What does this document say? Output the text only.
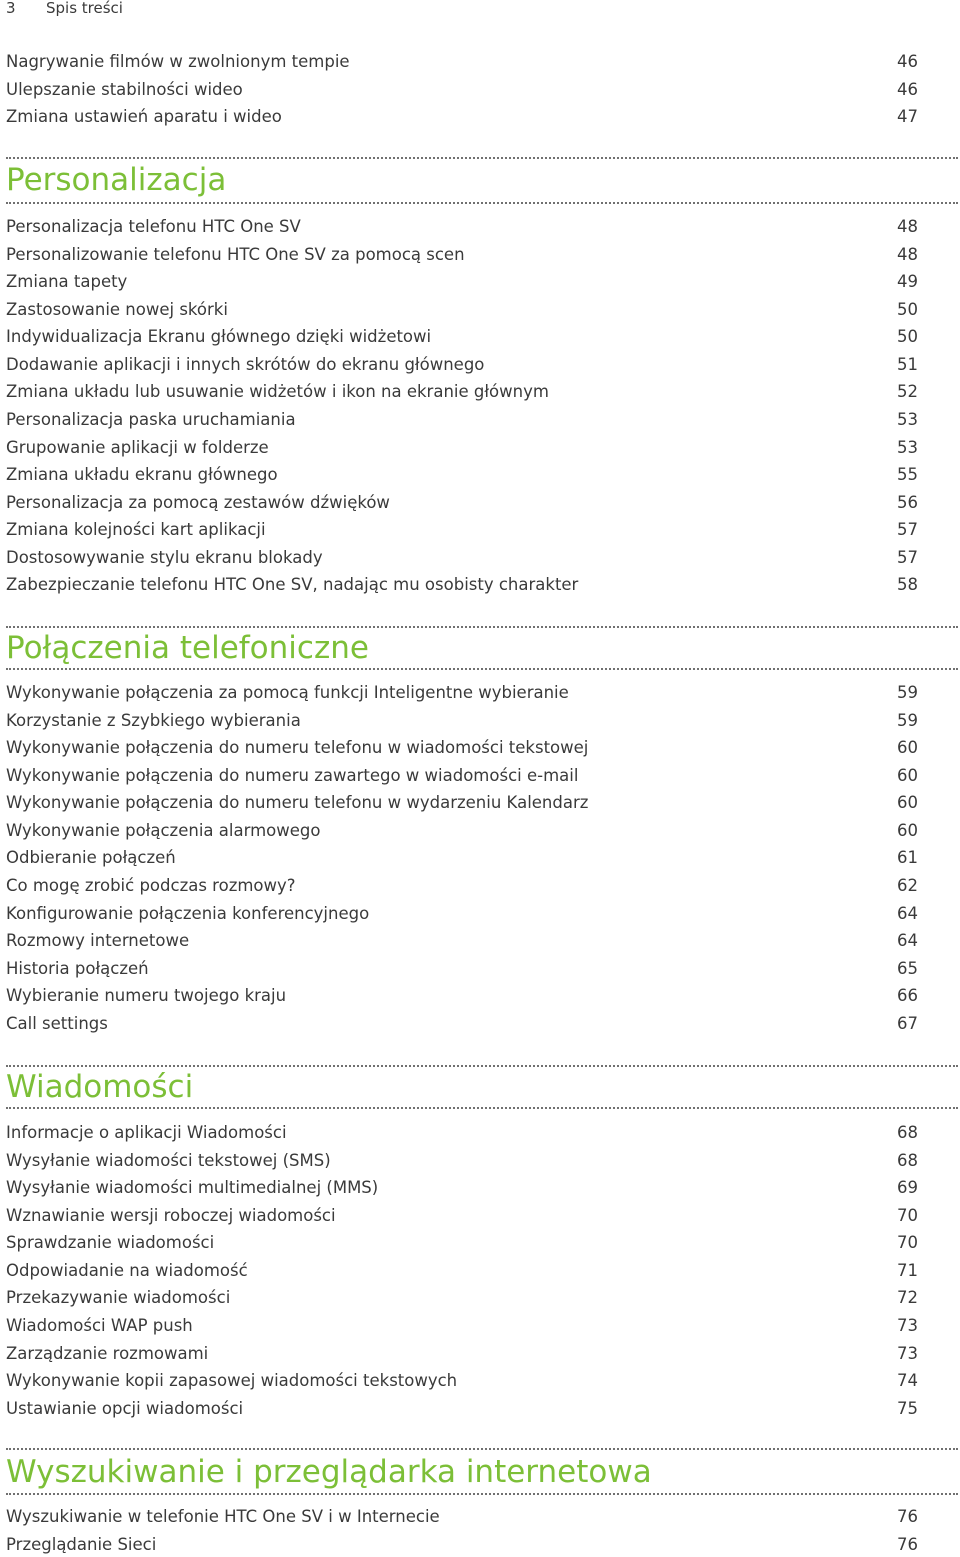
3 Spis treści
Nagrywanie filmów w zwolnionym tempie	46
Ulepszanie stabilności wideo	46
Zmiana ustawień aparatu i wideo	47
Personalizacja
Personalizacja telefonu HTC One SV	48
Personalizowanie telefonu HTC One SV za pomocą scen	48
Zmiana tapety	49
Zastosowanie nowej skórki	50
Indywidualizacja Ekranu głównego dzięki widżetowi	50
Dodawanie aplikacji i innych skrótów do ekranu głównego	51
Zmiana układu lub usuwanie widżetów i ikon na ekranie głównym	52
Personalizacja paska uruchamiania	53
Grupowanie aplikacji w folderze	53
Zmiana układu ekranu głównego	55
Personalizacja za pomocą zestawów dźwięków	56
Zmiana kolejności kart aplikacji	57
Dostosowywanie stylu ekranu blokady	57
Zabezpieczanie telefonu HTC One SV, nadając mu osobisty charakter	58
Połączenia telefoniczne
Wykonywanie połączenia za pomocą funkcji Inteligentne wybieranie	59
Korzystanie z Szybkiego wybierania	59
Wykonywanie połączenia do numeru telefonu w wiadomości tekstowej	60
Wykonywanie połączenia do numeru zawartego w wiadomości e-mail	60
Wykonywanie połączenia do numeru telefonu w wydarzeniu Kalendarz	60
Wykonywanie połączenia alarmowego	60
Odbieranie połączeń	61
Co mogę zrobić podczas rozmowy?	62
Konfigurowanie połączenia konferencyjnego	64
Rozmowy internetowe	64
Historia połączeń	65
Wybieranie numeru twojego kraju	66
Call settings	67
Wiadomości
Informacje o aplikacji Wiadomości	68
Wysyłanie wiadomości tekstowej (SMS)	68
Wysyłanie wiadomości multimedialnej (MMS)	69
Wznawianie wersji roboczej wiadomości	70
Sprawdzanie wiadomości	70
Odpowiadanie na wiadomość	71
Przekazywanie wiadomości	72
Wiadomości WAP push	73
Zarządzanie rozmowami	73
Wykonywanie kopii zapasowej wiadomości tekstowych	74
Ustawianie opcji wiadomości	75
Wyszukiwanie i przeglądarka internetowa
Wyszukiwanie w telefonie HTC One SV i w Internecie	76
Przeglądanie Sieci	76
